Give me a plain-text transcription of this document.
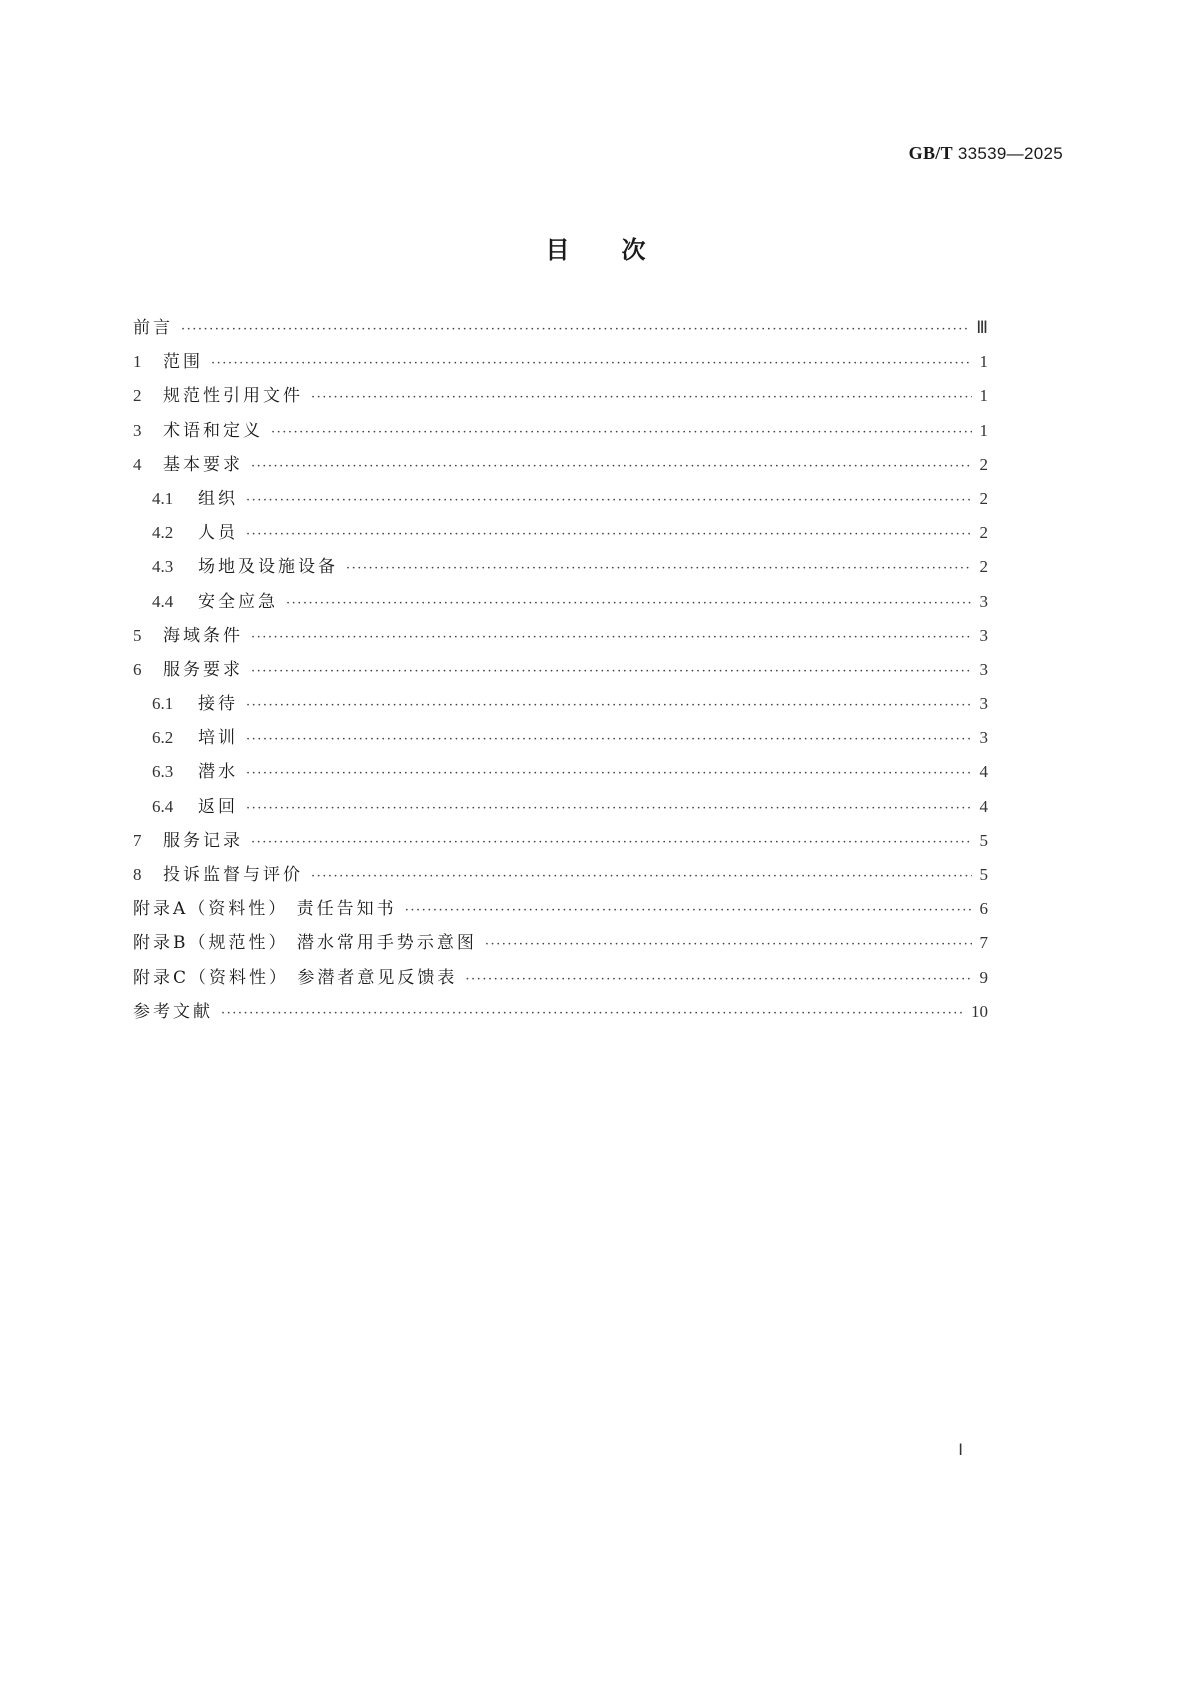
GB/T 33539—2025
目次
前言 ·····	Ⅲ
1	范围 ·····	1
2	规范性引用文件 ·····	1
3	术语和定义 ·····	1
4	基本要求 ·····	2
4.1	组织 ·····	2
4.2	人员 ·····	2
4.3	场地及设施设备 ·····	2
4.4	安全应急 ·····	3
5	海域条件 ·····	3
6	服务要求 ·····	3
6.1	接待 ·····	3
6.2	培训 ·····	3
6.3	潜水 ·····	4
6.4	返回 ·····	4
7	服务记录 ·····	5
8	投诉监督与评价 ·····	5
附录A（资料性） 责任告知书 ·····	6
附录B（规范性） 潜水常用手势示意图 ·····	7
附录C（资料性） 参潜者意见反馈表 ·····	9
参考文献 ·····	10
Ⅰ
